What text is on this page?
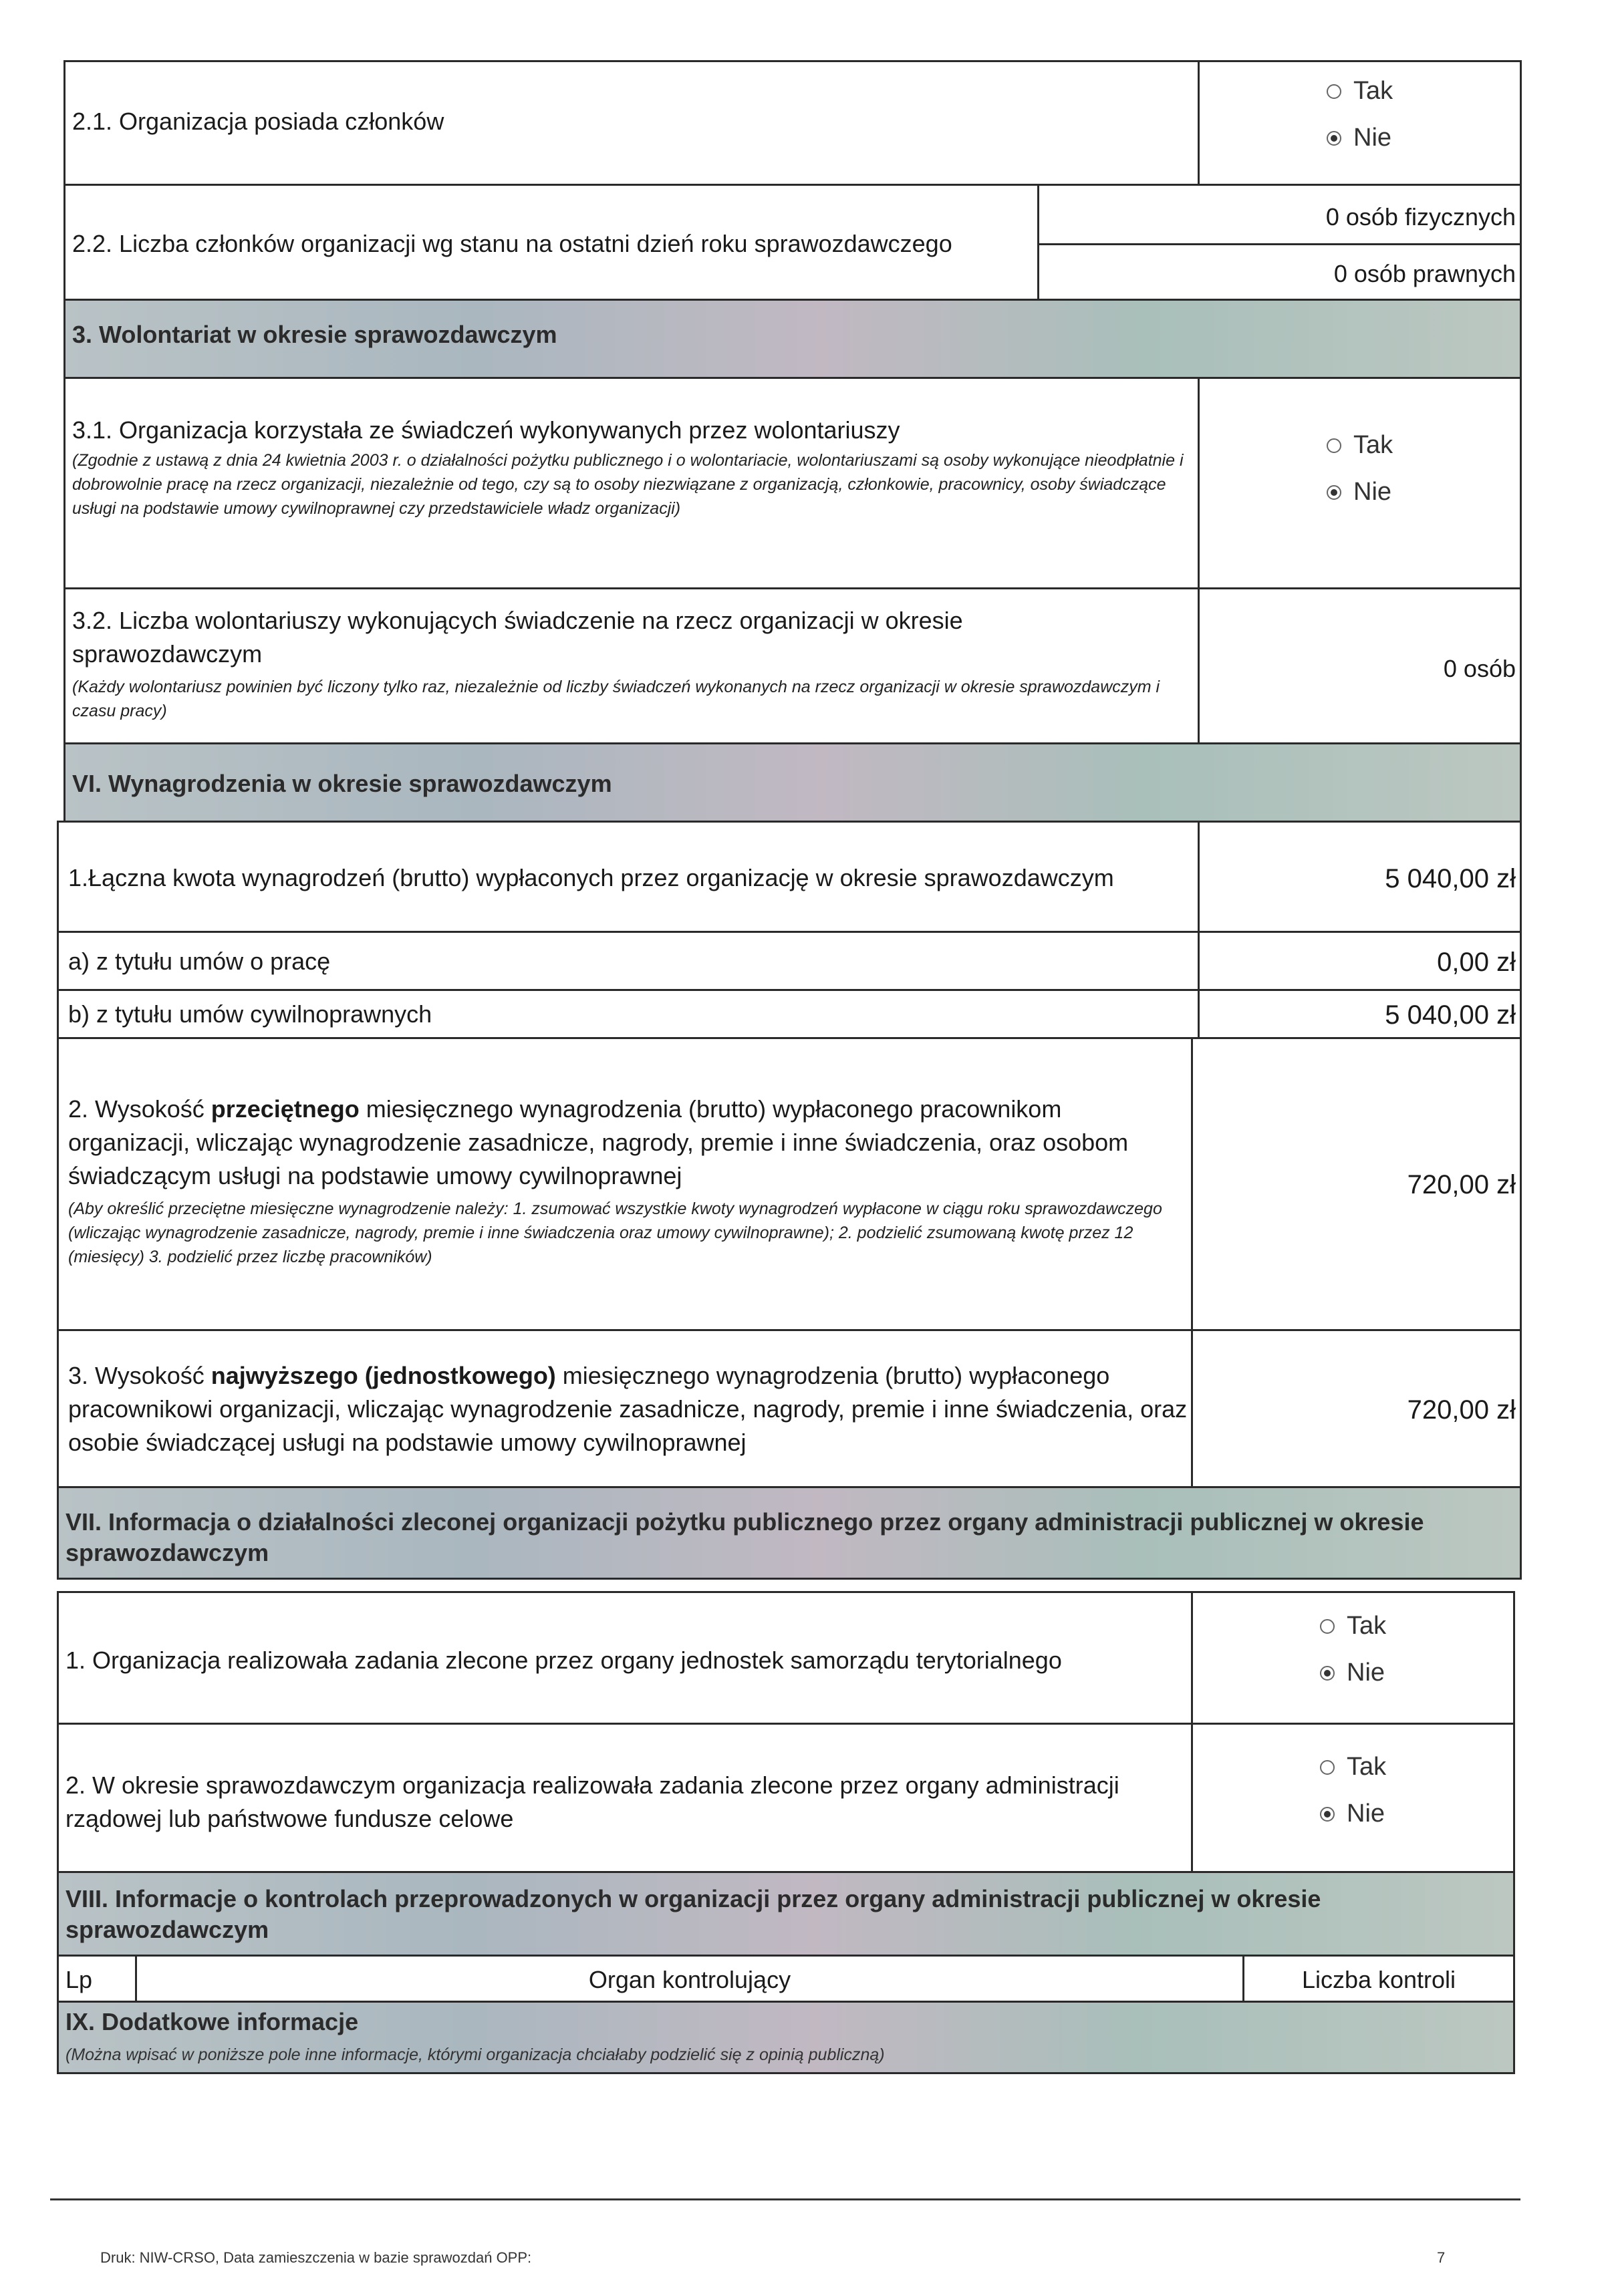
2.1. Organizacja posiada członków
Tak
Nie
2.2. Liczba członków organizacji wg stanu na ostatni dzień roku sprawozdawczego
0 osób fizycznych
0 osób prawnych
3. Wolontariat w okresie sprawozdawczym
3.1. Organizacja korzystała ze świadczeń wykonywanych przez wolontariuszy
(Zgodnie z ustawą z dnia 24 kwietnia 2003 r. o działalności pożytku publicznego i o wolontariacie, wolontariuszami są osoby wykonujące nieodpłatnie i dobrowolnie pracę na rzecz organizacji, niezależnie od tego, czy są to osoby niezwiązane z organizacją, członkowie, pracownicy, osoby świadczące usługi na podstawie umowy cywilnoprawnej czy przedstawiciele władz organizacji)
Tak
Nie
3.2. Liczba wolontariuszy wykonujących świadczenie na rzecz organizacji w okresie sprawozdawczym
(Każdy wolontariusz powinien być liczony tylko raz, niezależnie od liczby świadczeń wykonanych na rzecz organizacji w okresie sprawozdawczym i czasu pracy)
0 osób
VI. Wynagrodzenia w okresie sprawozdawczym
1.Łączna kwota wynagrodzeń (brutto) wypłaconych przez organizację w okresie sprawozdawczym	5 040,00 zł
a) z tytułu umów o pracę	0,00 zł
b) z tytułu umów cywilnoprawnych	5 040,00 zł
2. Wysokość przeciętnego miesięcznego wynagrodzenia (brutto) wypłaconego pracownikom organizacji, wliczając wynagrodzenie zasadnicze, nagrody, premie i inne świadczenia, oraz osobom świadczącym usługi na podstawie umowy cywilnoprawnej
(Aby określić przeciętne miesięczne wynagrodzenie należy: 1. zsumować wszystkie kwoty wynagrodzeń wypłacone w ciągu roku sprawozdawczego (wliczając wynagrodzenie zasadnicze, nagrody, premie i inne świadczenia oraz umowy cywilnoprawne); 2. podzielić zsumowaną kwotę przez 12 (miesięcy) 3. podzielić przez liczbę pracowników)
720,00 zł
3. Wysokość najwyższego (jednostkowego) miesięcznego wynagrodzenia (brutto) wypłaconego pracownikowi organizacji, wliczając wynagrodzenie zasadnicze, nagrody, premie i inne świadczenia, oraz osobie świadczącej usługi na podstawie umowy cywilnoprawnej
720,00 zł
VII. Informacja o działalności zleconej organizacji pożytku publicznego przez organy administracji publicznej w okresie sprawozdawczym
1. Organizacja realizowała zadania zlecone przez organy jednostek samorządu terytorialnego
Tak
Nie
2. W okresie sprawozdawczym organizacja realizowała zadania zlecone przez organy administracji rządowej lub państwowe fundusze celowe
Tak
Nie
VIII. Informacje o kontrolach przeprowadzonych w organizacji przez organy administracji publicznej w okresie sprawozdawczym
Lp	Organ kontrolujący	Liczba kontroli
IX. Dodatkowe informacje
(Można wpisać w poniższe pole inne informacje, którymi organizacja chciałaby podzielić się z opinią publiczną)
Druk: NIW-CRSO, Data zamieszczenia w bazie sprawozdań OPP:	7
